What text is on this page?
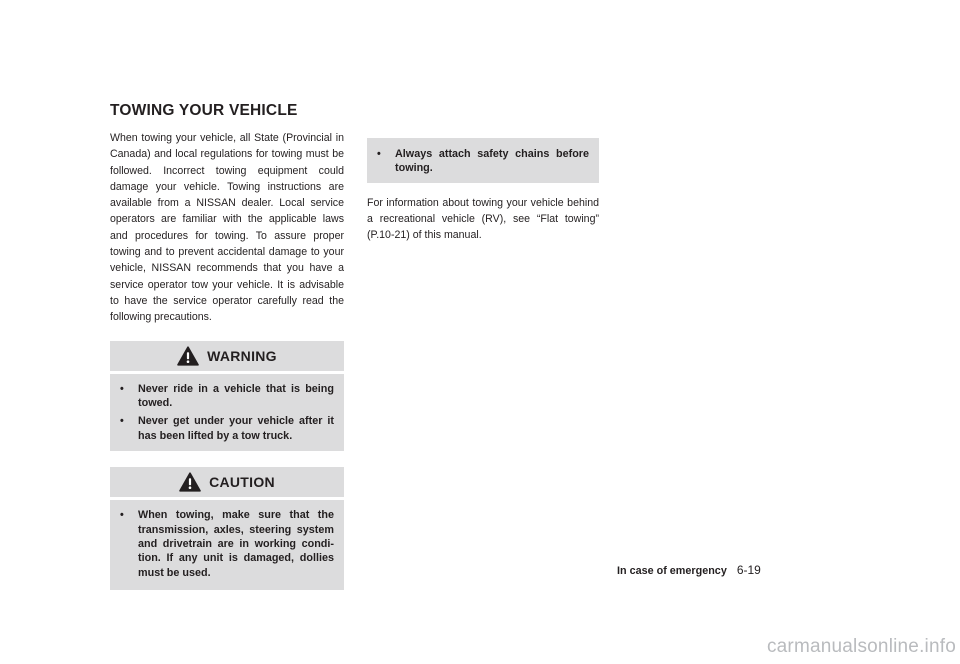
TOWING YOUR VEHICLE

When towing your vehicle, all State (Provincial in Canada) and local regulations for towing must be followed. Incorrect towing equipment could damage your vehicle. Towing instructions are available from a NISSAN dealer. Local service operators are familiar with the applicable laws and procedures for towing. To assure proper towing and to prevent accidental damage to your vehicle, NISSAN recommends that you have a service operator tow your vehicle. It is advisable to have the service operator carefully read the following precautions.

WARNING
•	Never ride in a vehicle that is being towed.
•	Never get under your vehicle after it has been lifted by a tow truck.
CAUTION
•	When towing, make sure that the transmission, axles, steering system and drivetrain are in working condi-tion. If any unit is damaged, dollies must be used.
•	Always attach safety chains before towing.

For information about towing your vehicle behind a recreational vehicle (RV), see “Flat towing” (P.10-21) of this manual.

In case of emergency 6-19
carmanualsonline.info
